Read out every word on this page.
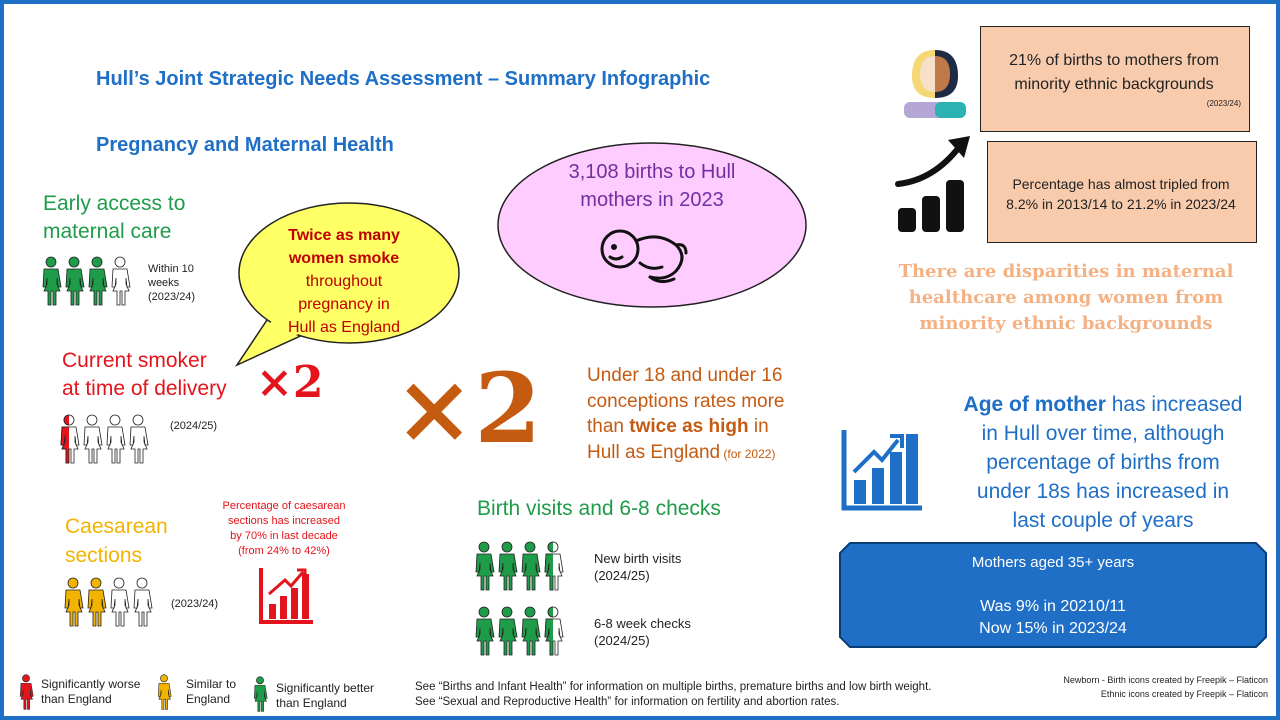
Hull’s Joint Strategic Needs Assessment – Summary Infographic
Pregnancy and Maternal Health
Early access to
maternal care
Within 10
weeks
(2023/24)
Twice as many
women smoke
throughout
pregnancy in
Hull as England
Current smoker
at time of delivery ×2
(2024/25)
3,108 births to Hull
mothers in 2023
×2 Under 18 and under 16
conceptions rates more
than twice as high in
Hull as England (for 2022)
Caesarean
sections
(2023/24)
Percentage of caesarean
sections has increased
by 70% in last decade
(from 24% to 42%)
Birth visits and 6-8 checks
New birth visits
(2024/25)
6-8 week checks
(2024/25)
21% of births to mothers from
minority ethnic backgrounds
(2023/24)
Percentage has almost tripled from
8.2% in 2013/14 to 21.2% in 2023/24
There are disparities in maternal
healthcare among women from
minority ethnic backgrounds
Age of mother has increased
in Hull over time, although
percentage of births from
under 18s has increased in
last couple of years
Mothers aged 35+ years
Was 9% in 20210/11
Now 15% in 2023/24
Significantly worse
than England
Similar to
England
Significantly better
than England
See “Births and Infant Health” for information on multiple births, premature births and low birth weight.
See “Sexual and Reproductive Health” for information on fertility and abortion rates.
Newborn - Birth icons created by Freepik – Flaticon
Ethnic icons created by Freepik – Flaticon
